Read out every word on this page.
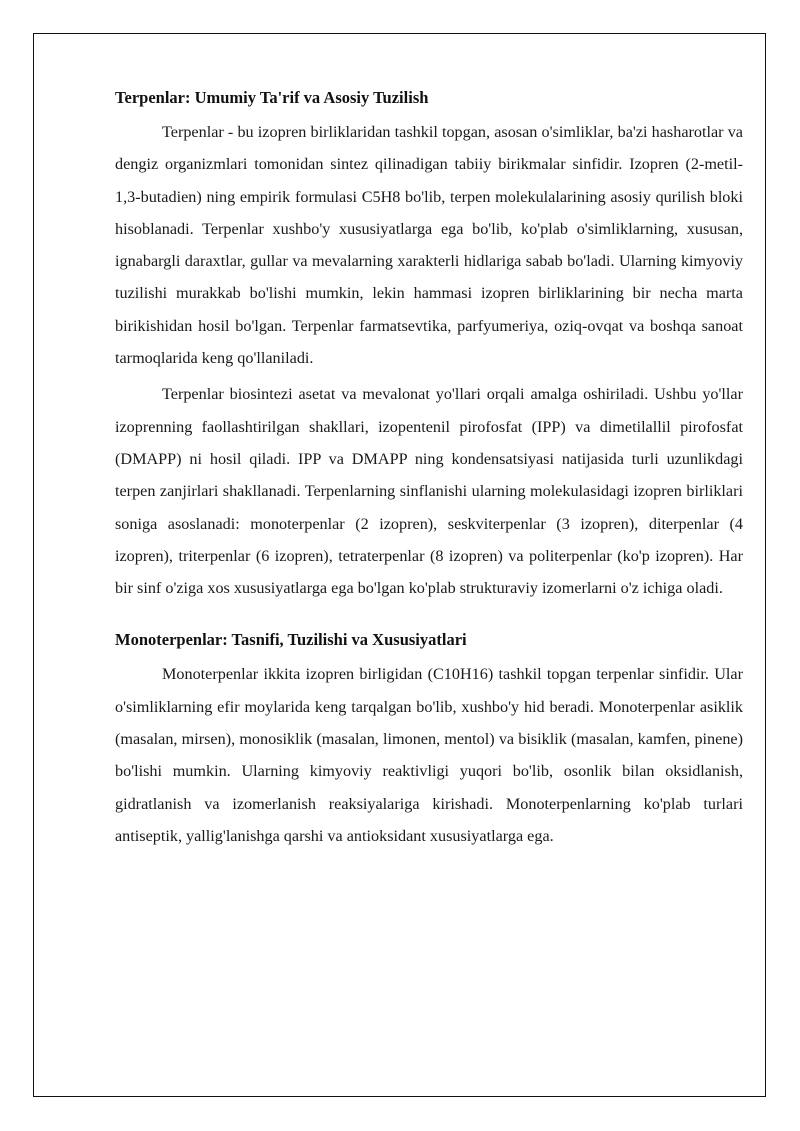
Terpenlar: Umumiy Ta'rif va Asosiy Tuzilish

Terpenlar - bu izopren birliklaridan tashkil topgan, asosan o'simliklar, ba'zi hasharotlar va dengiz organizmlari tomonidan sintez qilinadigan tabiiy birikmalar sinfidir. Izopren (2-metil-1,3-butadien) ning empirik formulasi C5H8 bo'lib, terpen molekulalarining asosiy qurilish bloki hisoblanadi. Terpenlar xushbo'y xususiyatlarga ega bo'lib, ko'plab o'simliklarning, xususan, ignabargli daraxtlar, gullar va mevalarning xarakterli hidlariga sabab bo'ladi. Ularning kimyoviy tuzilishi murakkab bo'lishi mumkin, lekin hammasi izopren birliklarining bir necha marta birikishidan hosil bo'lgan. Terpenlar farmatsevtika, parfyumeriya, oziq-ovqat va boshqa sanoat tarmoqlarida keng qo'llaniladi.

Terpenlar biosintezi asetat va mevalonat yo'llari orqali amalga oshiriladi. Ushbu yo'llar izoprenning faollashtirilgan shakllari, izopentenil pirofosfat (IPP) va dimetilallil pirofosfat (DMAPP) ni hosil qiladi. IPP va DMAPP ning kondensatsiyasi natijasida turli uzunlikdagi terpen zanjirlari shakllanadi. Terpenlarning sinflanishi ularning molekulasidagi izopren birliklari soniga asoslanadi: monoterpenlar (2 izopren), seskviterpenlar (3 izopren), diterpenlar (4 izopren), triterpenlar (6 izopren), tetraterpenlar (8 izopren) va politerpenlar (ko'p izopren). Har bir sinf o'ziga xos xususiyatlarga ega bo'lgan ko'plab strukturaviy izomerlarni o'z ichiga oladi.

Monoterpenlar: Tasnifi, Tuzilishi va Xususiyatlari

Monoterpenlar ikkita izopren birligidan (C10H16) tashkil topgan terpenlar sinfidir. Ular o'simliklarning efir moylarida keng tarqalgan bo'lib, xushbo'y hid beradi. Monoterpenlar asiklik (masalan, mirsen), monosiklik (masalan, limonen, mentol) va bisiklik (masalan, kamfen, pinene) bo'lishi mumkin. Ularning kimyoviy reaktivligi yuqori bo'lib, osonlik bilan oksidlanish, gidratlanish va izomerlanish reaksiyalariga kirishadi. Monoterpenlarning ko'plab turlari antiseptik, yallig'lanishga qarshi va antioksidant xususiyatlarga ega.
